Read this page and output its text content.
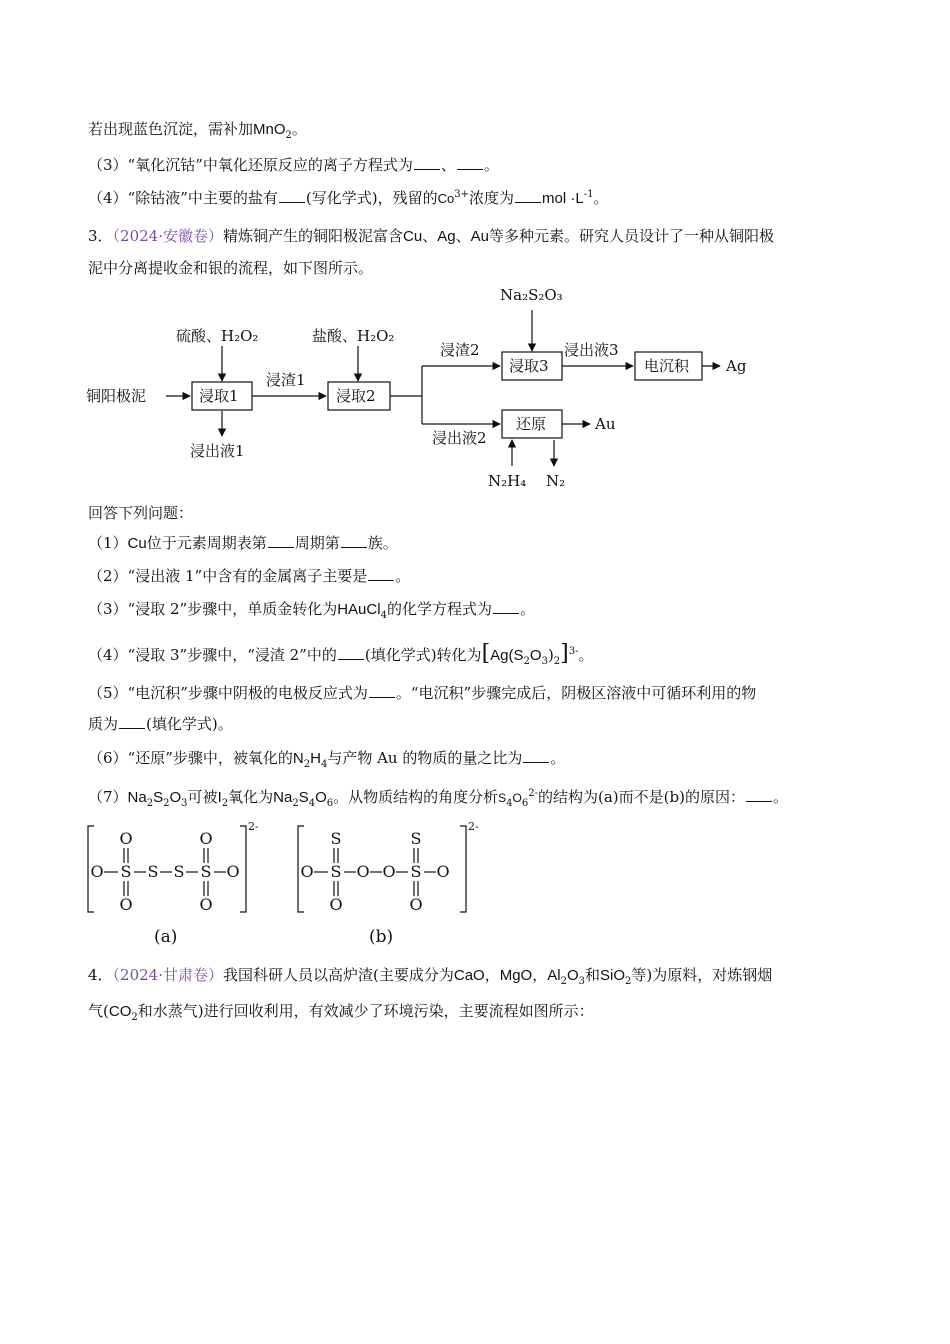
若出现蓝色沉淀，需补加MnO$_2$。
（3）“氧化沉钴”中氧化还原反应的离子方程式为 、 。
（4）“除钴液”中主要的盐有 (写化学式)，残留的$Co^{3+}$浓度为 mol $\cdot L^{-1}$。
3．（2024·安徽卷）精炼铜产生的铜阳极泥富含Cu、Ag、Au等多种元素。研究人员设计了一种从铜阳极
泥中分离提收金和银的流程，如下图所示。
Na₂S₂O₃
硫酸、H₂O₂	盐酸、H₂O₂
铜阳极泥	浸取1	浸取2
浸取3	电沉积
还原
浸渣1
浸渣2	浸出液3
浸出液2
浸出液1
Ag
Au
N₂H₄ N₂
回答下列问题：
（1）Cu位于元素周期表第 周期第 族。
（2）“浸出液 1”中含有的金属离子主要是 。
（3）“浸取 2”步骤中，单质金转化为HAuCl$_4$的化学方程式为 。
（4）“浸取 3”步骤中，“浸渣 2”中的 (填化学式)转化为$[Ag(S_2O_3)_2]^{3-}$。
（5）“电沉积”步骤中阴极的电极反应式为 。“电沉积”步骤完成后，阴极区溶液中可循环利用的物
质为 (填化学式)。
（6）“还原”步骤中，被氧化的$N_2H_4$与产物 Au 的物质的量之比为 。
$(7)Na_2S_2O_3$可被$I_2$氧化为$Na_2S_4O_6$。从物质结构的角度分析$S_4O_6^{2-}$的结构为(a)而不是(b)的原因： 。
O	O
O S S S S O
O	O
S	S
O S O O S O
O	O
2-	2-
(a)	(b)
4．（2024·甘肃卷）我国科研人员以高炉渣(主要成分为CaO，MgO，$Al_2O_3$和SiO$_2$等)为原料，对炼钢烟
气($CO_2$和水蒸气)进行回收利用，有效减少了环境污染，主要流程如图所示：
